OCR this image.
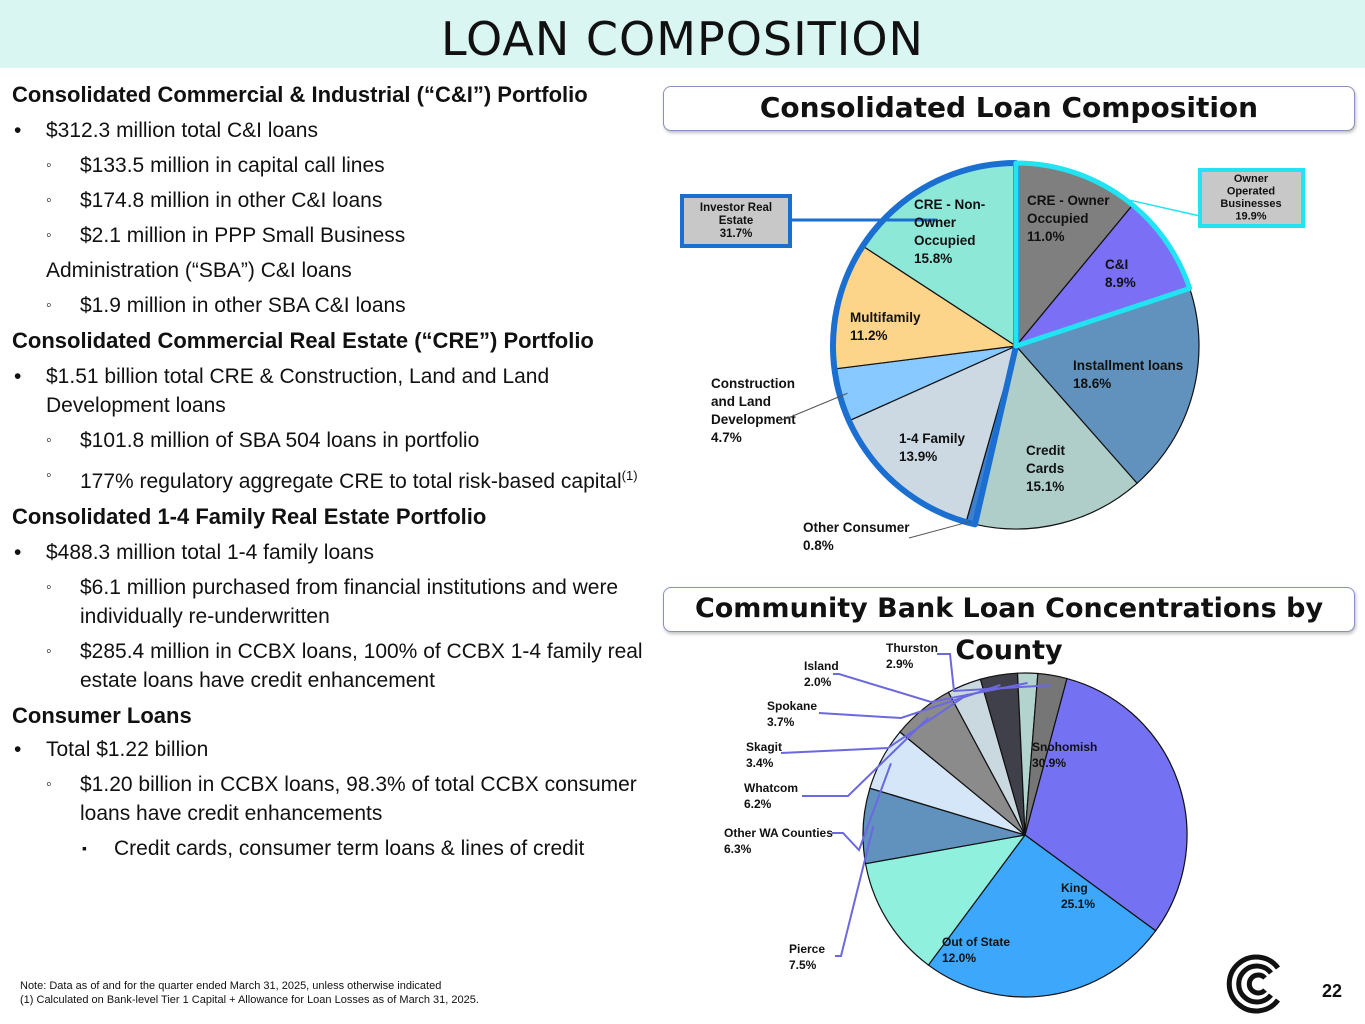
LOAN COMPOSITION
Consolidated Commercial & Industrial (“C&I”) Portfolio
• $312.3 million total C&I loans
◦ $133.5 million in capital call lines
◦ $174.8 million in other C&I loans
◦ $2.1 million in PPP Small Business
Administration (“SBA”) C&I loans
◦ $1.9 million in other SBA C&I loans
Consolidated Commercial Real Estate (“CRE”) Portfolio
• $1.51 billion total CRE & Construction, Land and Land Development loans
◦ $101.8 million of SBA 504 loans in portfolio
◦ 177% regulatory aggregate CRE to total risk-based capital$^{(1)}$
Consolidated 1-4 Family Real Estate Portfolio
• $488.3 million total 1-4 family loans
◦ $6.1 million purchased from financial institutions and were individually re-underwritten
◦ $285.4 million in CCBX loans, 100% of CCBX 1-4 family real estate loans have credit enhancement
Consumer Loans
• Total $1.22 billion
◦ $1.20 billion in CCBX loans, 98.3% of total CCBX consumer loans have credit enhancements
▪ Credit cards, consumer term loans & lines of credit
Consolidated Loan Composition
Community Bank Loan Concentrations by County
Investor Real Estate 31.7%
Owner Operated Businesses 19.9%
CRE - Owner Occupied 11.0%
C&I 8.9%
Installment loans 18.6%
Credit Cards 15.1%
1-4 Family 13.9%
Multifamily 11.2%
CRE - Non-Owner Occupied 15.8%
Construction and Land Development 4.7%
Other Consumer 0.8%
Snohomish 30.9%
King 25.1%
Out of State 12.0%
Pierce 7.5%
Other WA Counties 6.3%
Whatcom 6.2%
Skagit 3.4%
Spokane 3.7%
Island 2.0%
Thurston 2.9%
Note: Data as of and for the quarter ended March 31, 2025, unless otherwise indicated
(1) Calculated on Bank-level Tier 1 Capital + Allowance for Loan Losses as of March 31, 2025.	22
